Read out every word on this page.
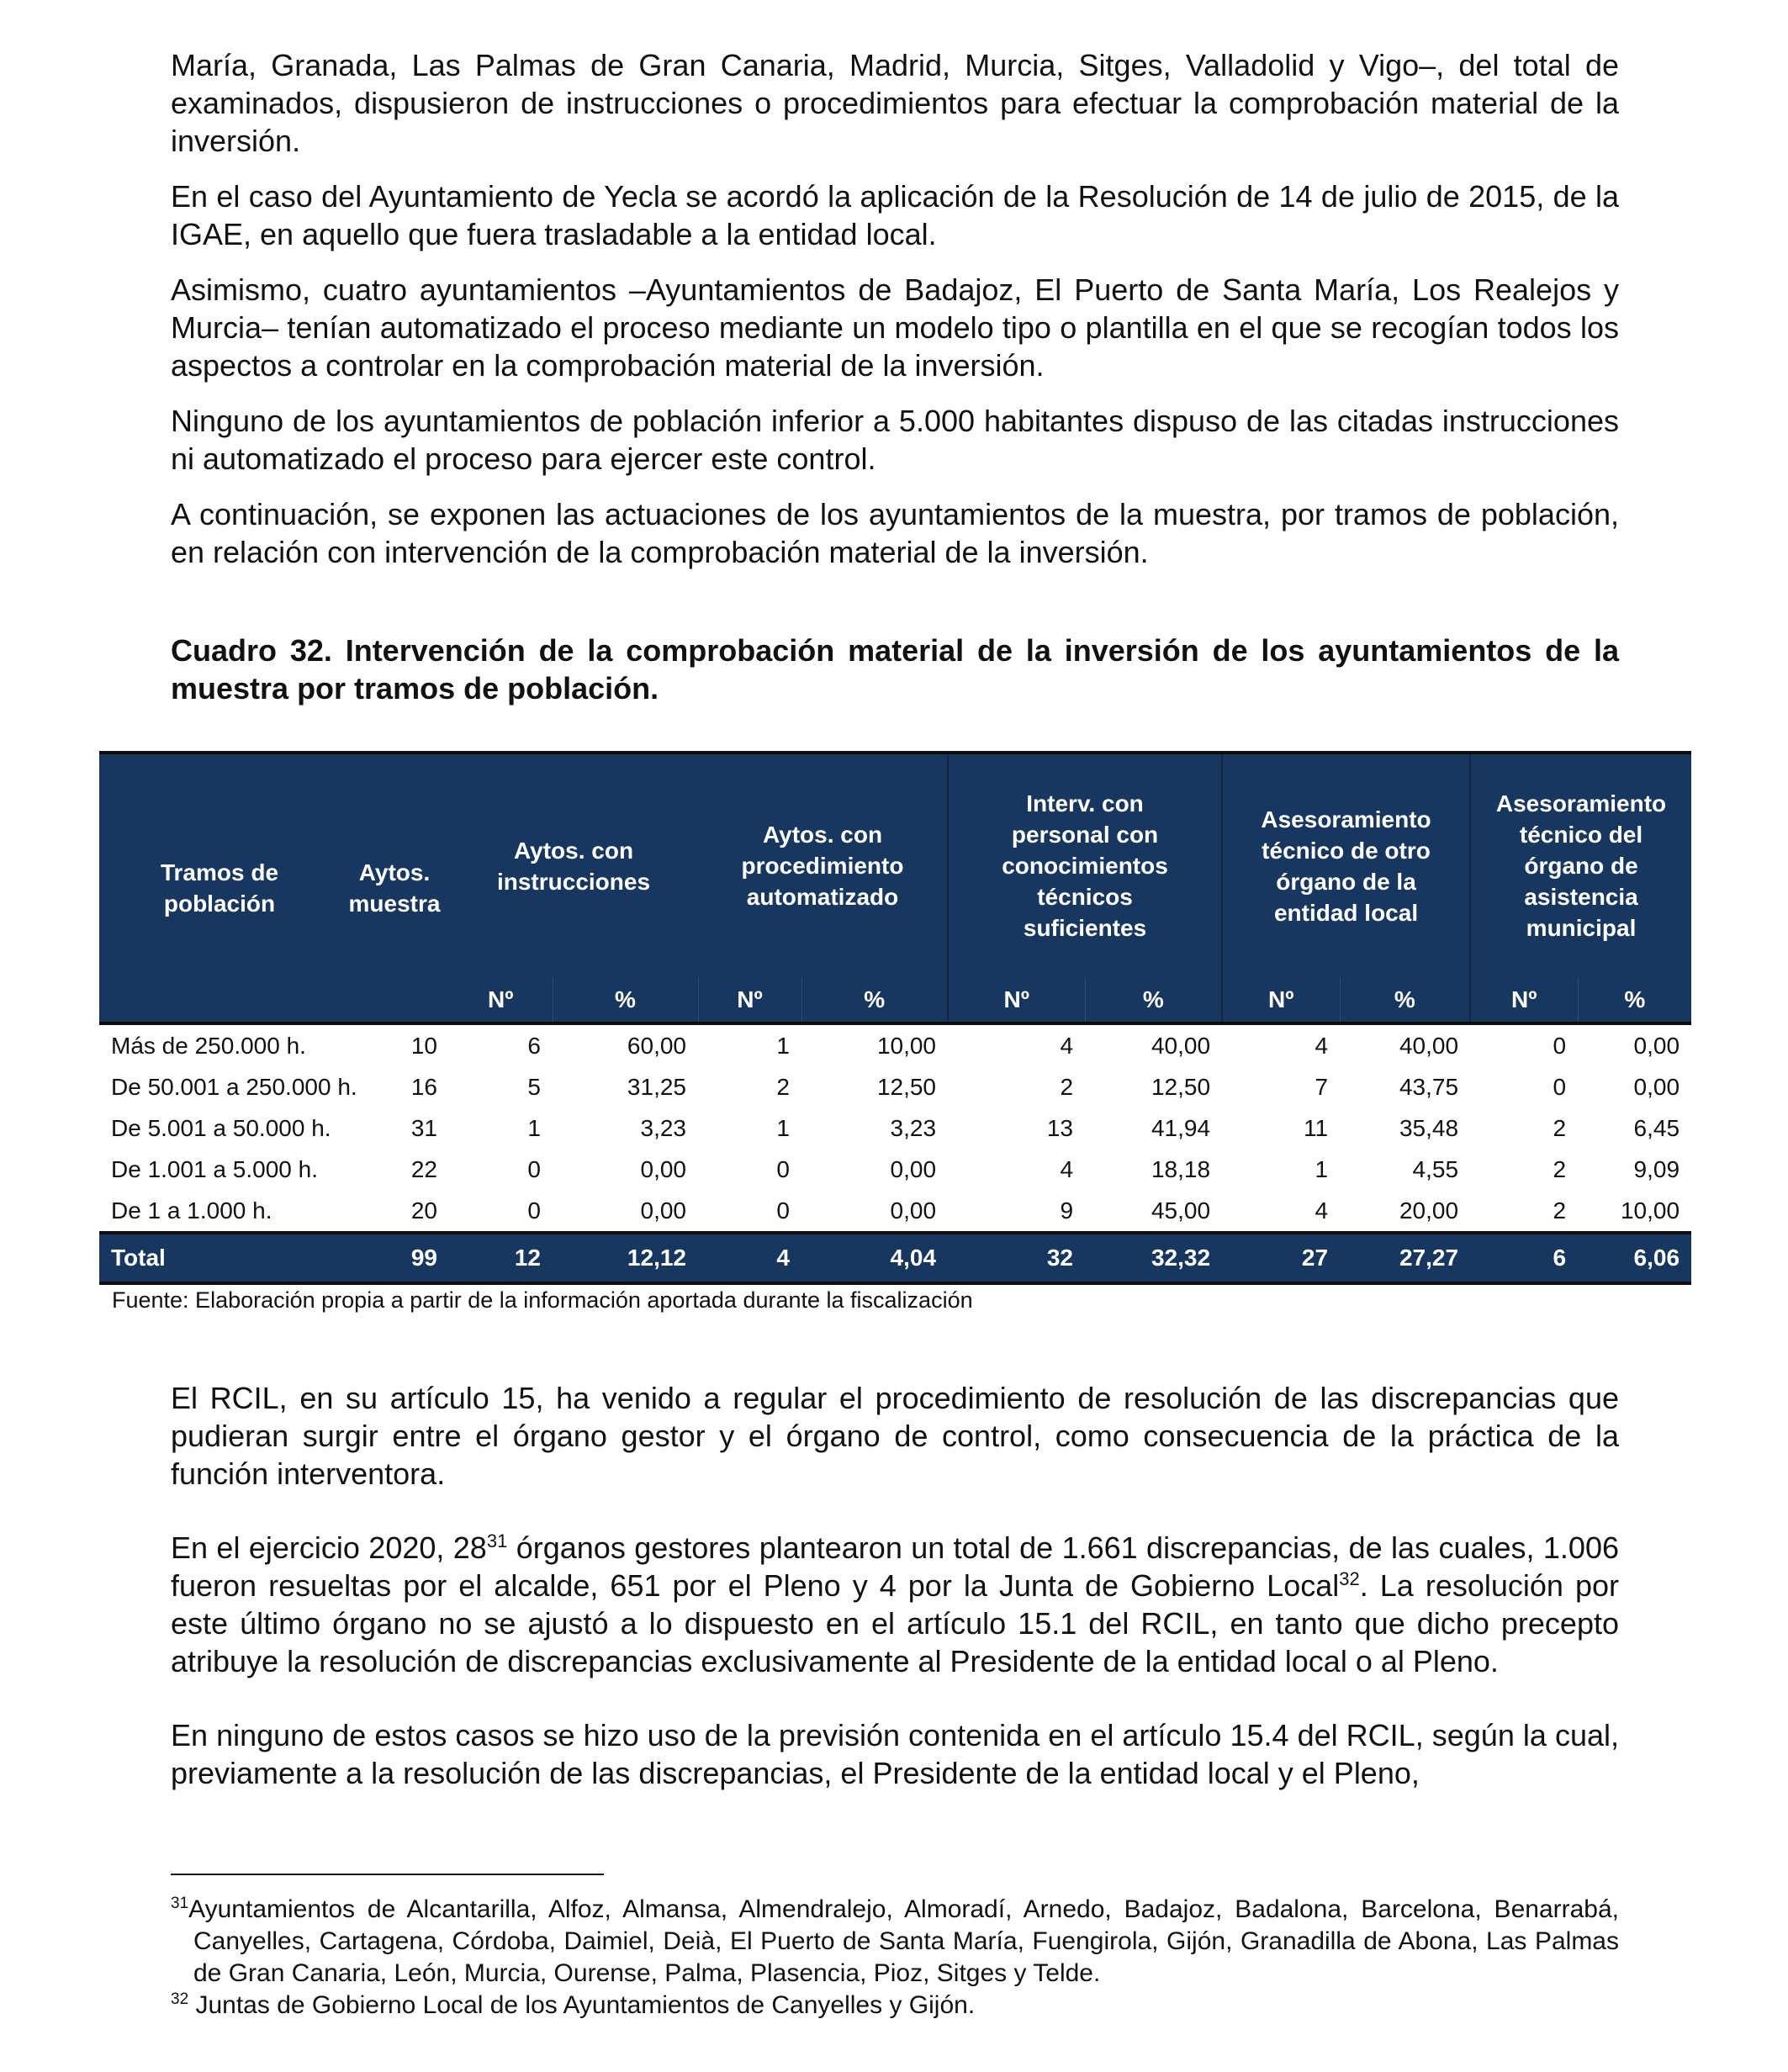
María, Granada, Las Palmas de Gran Canaria, Madrid, Murcia, Sitges, Valladolid y Vigo–, del total de examinados, dispusieron de instrucciones o procedimientos para efectuar la comprobación material de la inversión.

En el caso del Ayuntamiento de Yecla se acordó la aplicación de la Resolución de 14 de julio de 2015, de la IGAE, en aquello que fuera trasladable a la entidad local.

Asimismo, cuatro ayuntamientos –Ayuntamientos de Badajoz, El Puerto de Santa María, Los Realejos y Murcia– tenían automatizado el proceso mediante un modelo tipo o plantilla en el que se recogían todos los aspectos a controlar en la comprobación material de la inversión.

Ninguno de los ayuntamientos de población inferior a 5.000 habitantes dispuso de las citadas instrucciones ni automatizado el proceso para ejercer este control.

A continuación, se exponen las actuaciones de los ayuntamientos de la muestra, por tramos de población, en relación con intervención de la comprobación material de la inversión.

Cuadro 32. Intervención de la comprobación material de la inversión de los ayuntamientos de la muestra por tramos de población.

Tramos de población	Aytos. muestra	Aytos. con instrucciones		Aytos. con procedimiento automatizado		Interv. con personal con conocimientos técnicos suficientes		Asesoramiento técnico de otro órgano de la entidad local		Asesoramiento técnico del órgano de asistencia municipal	
		Nº	%	Nº	%	Nº	%	Nº	%	Nº	%
Más de 250.000 h.	10	6	60,00	1	10,00	4	40,00	4	40,00	0	0,00
De 50.001 a 250.000 h.	16	5	31,25	2	12,50	2	12,50	7	43,75	0	0,00
De 5.001 a 50.000 h.	31	1	3,23	1	3,23	13	41,94	11	35,48	2	6,45
De 1.001 a 5.000 h.	22	0	0,00	0	0,00	4	18,18	1	4,55	2	9,09
De 1 a 1.000 h.	20	0	0,00	0	0,00	9	45,00	4	20,00	2	10,00
Total	99	12	12,12	4	4,04	32	32,32	27	27,27	6	6,06
Fuente: Elaboración propia a partir de la información aportada durante la fiscalización

El RCIL, en su artículo 15, ha venido a regular el procedimiento de resolución de las discrepancias que pudieran surgir entre el órgano gestor y el órgano de control, como consecuencia de la práctica de la función interventora.

En el ejercicio 2020, $28^{31}$ órganos gestores plantearon un total de 1.661 discrepancias, de las cuales, 1.006 fueron resueltas por el alcalde, 651 por el Pleno y 4 por la Junta de Gobierno Local$^{32}$. La resolución por este último órgano no se ajustó a lo dispuesto en el artículo 15.1 del RCIL, en tanto que dicho precepto atribuye la resolución de discrepancias exclusivamente al Presidente de la entidad local o al Pleno.

En ninguno de estos casos se hizo uso de la previsión contenida en el artículo 15.4 del RCIL, según la cual, previamente a la resolución de las discrepancias, el Presidente de la entidad local y el Pleno,

$^{31}$Ayuntamientos de Alcantarilla, Alfoz, Almansa, Almendralejo, Almoradí, Arnedo, Badajoz, Badalona, Barcelona, Benarrabá, Canyelles, Cartagena, Córdoba, Daimiel, Deià, El Puerto de Santa María, Fuengirola, Gijón, Granadilla de Abona, Las Palmas de Gran Canaria, León, Murcia, Ourense, Palma, Plasencia, Pioz, Sitges y Telde.

$^{32}$ Juntas de Gobierno Local de los Ayuntamientos de Canyelles y Gijón.
